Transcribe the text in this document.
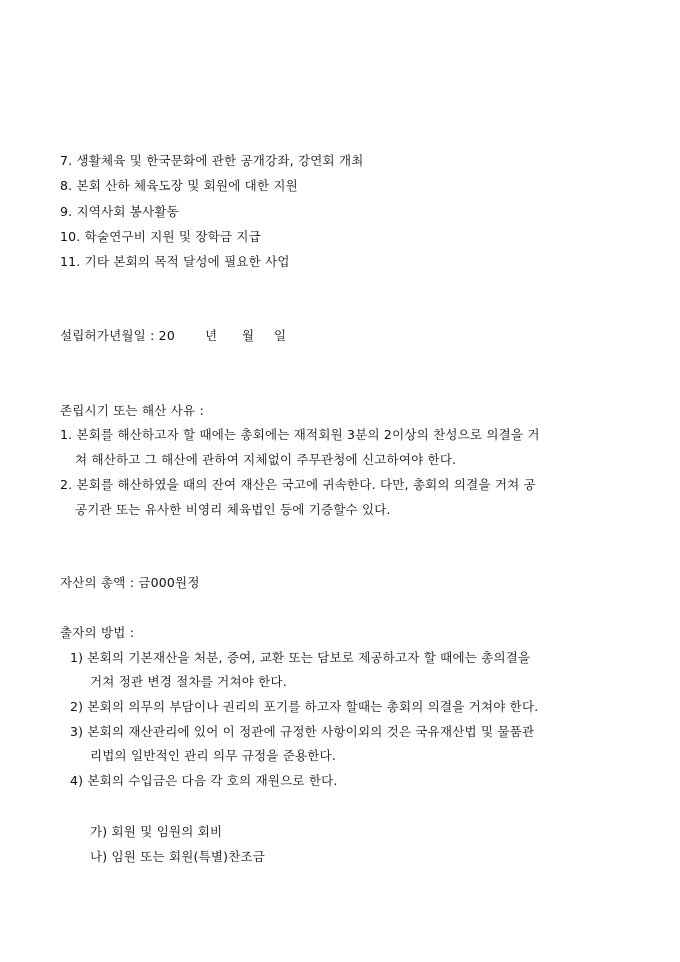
7. 생활체육 및 한국문화에 관한 공개강좌, 강연회 개최
8. 본회 산하 체육도장 및 회원에 대한 지원
9. 지역사회 봉사활동
10. 학술연구비 지원 및 장학금 지급
11. 기타 본회의 목적 달성에 필요한 사업
설립허가년월일 : 20 년 월 일
존립시기 또는 해산 사유 :
1. 본회를 해산하고자 할 때에는 총회에는 재적회원 3분의 2이상의 찬성으로 의결을 거
쳐 해산하고 그 해산에 관하여 지체없이 주무관청에 신고하여야 한다.
2. 본회를 해산하였을 때의 잔여 재산은 국고에 귀속한다. 다만, 총회의 의결을 거쳐 공
공기관 또는 유사한 비영리 체육법인 등에 기증할수 있다.
자산의 총액 : 금000원정
출자의 방법 :
1) 본회의 기본재산을 처분, 증여, 교환 또는 담보로 제공하고자 할 때에는 총의결을
거쳐 정관 변경 절차를 거쳐야 한다.
2) 본회의 의무의 부담이나 권리의 포기를 하고자 할때는 총회의 의결을 거쳐야 한다.
3) 본회의 재산관리에 있어 이 정관에 규정한 사항이외의 것은 국유재산법 및 물품관
리법의 일반적인 관리 의무 규정을 준용한다.
4) 본회의 수입금은 다음 각 호의 재원으로 한다.
가) 회원 및 임원의 회비
나) 임원 또는 회원(특별)찬조금
